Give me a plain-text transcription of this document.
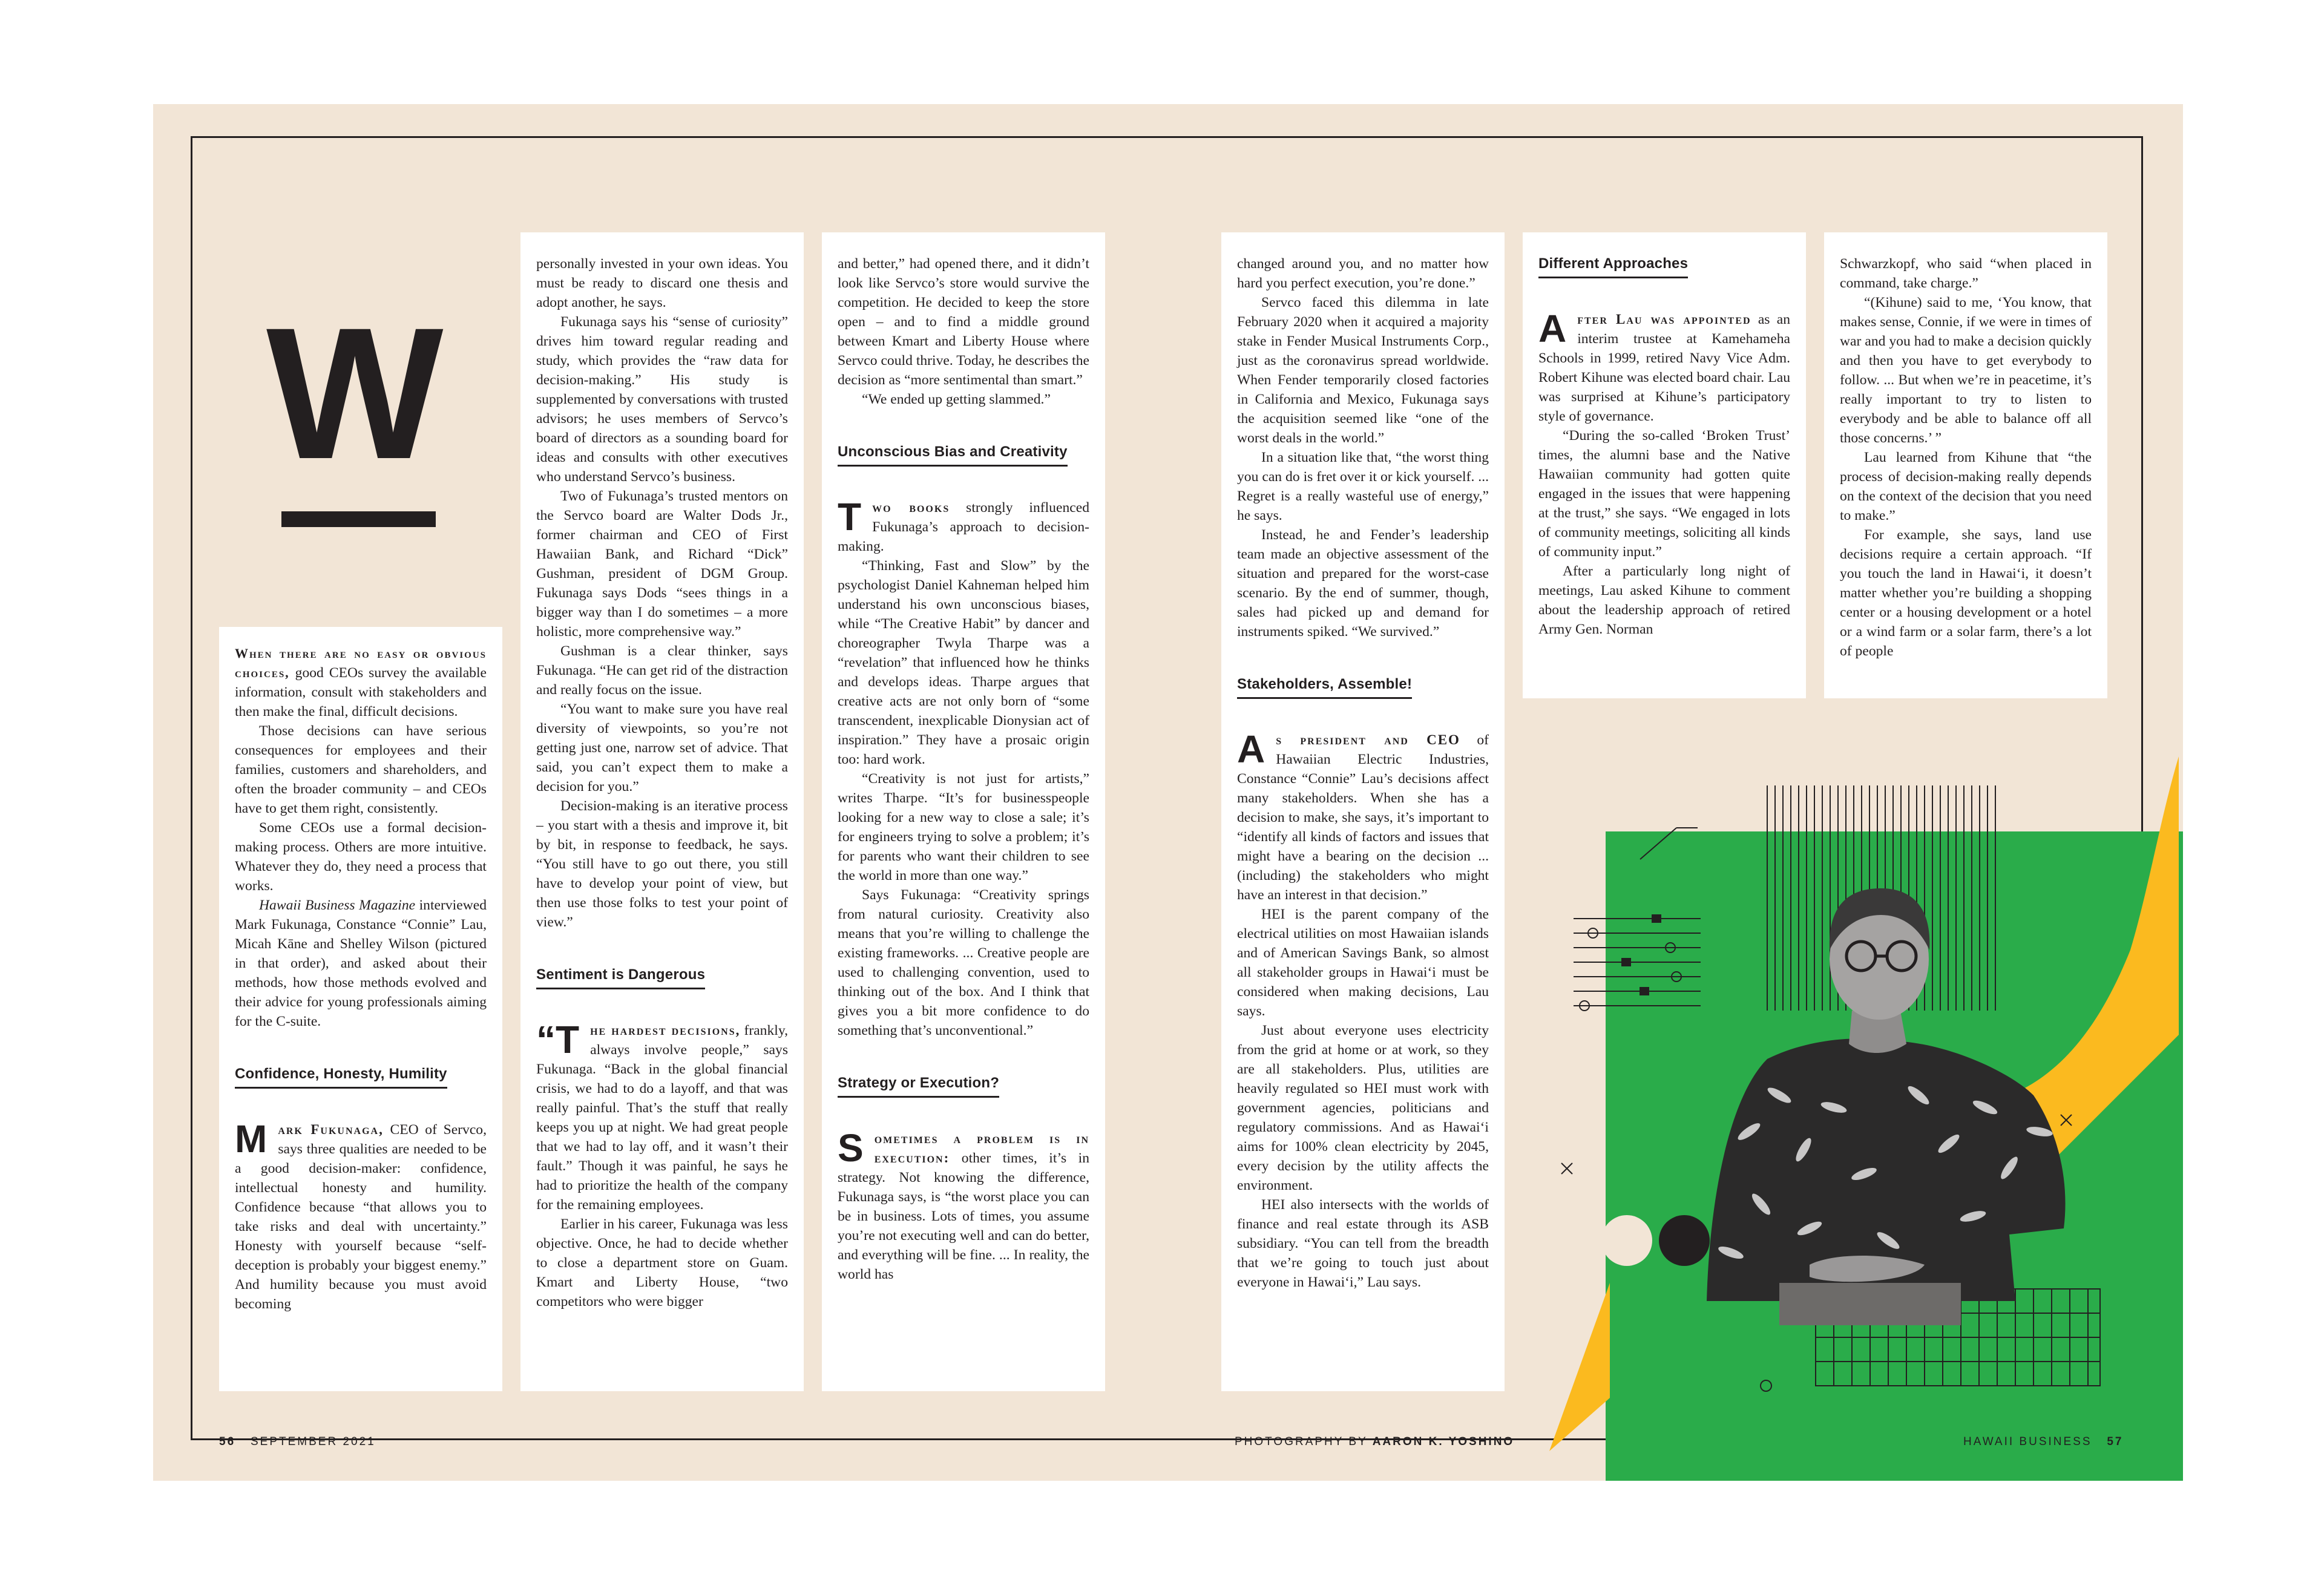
W

When there are no easy or obvious choices, good CEOs survey the available information, consult with stakeholders and then make the final, difficult decisions.

Those decisions can have serious consequences for employees and their families, customers and shareholders, and often the broader community – and CEOs have to get them right, consistently.

Some CEOs use a formal decision-making process. Others are more intuitive. Whatever they do, they need a process that works.

Hawaii Business Magazine interviewed Mark Fukunaga, Constance “Connie” Lau, Micah Kāne and Shelley Wilson (pictured in that order), and asked about their methods, how those methods evolved and their advice for young professionals aiming for the C-suite.

Confidence, Honesty, Humility

Mark Fukunaga, CEO of Servco, says three qualities are needed to be a good decision-maker: confidence, intellectual honesty and humility. Confidence because “that allows you to take risks and deal with uncertainty.” Honesty with yourself because “self-deception is probably your biggest enemy.” And humility because you must avoid becoming

personally invested in your own ideas. You must be ready to discard one thesis and adopt another, he says.

Fukunaga says his “sense of curiosity” drives him toward regular reading and study, which provides the “raw data for decision-making.” His study is supplemented by conversations with trusted advisors; he uses members of Servco’s board of directors as a sounding board for ideas and consults with other executives who understand Servco’s business.

Two of Fukunaga’s trusted mentors on the Servco board are Walter Dods Jr., former chairman and CEO of First Hawaiian Bank, and Richard “Dick” Gushman, president of DGM Group. Fukunaga says Dods “sees things in a bigger way than I do sometimes – a more holistic, more comprehensive way.”

Gushman is a clear thinker, says Fukunaga. “He can get rid of the distraction and really focus on the issue.

“You want to make sure you have real diversity of viewpoints, so you’re not getting just one, narrow set of advice. That said, you can’t expect them to make a decision for you.”

Decision-making is an iterative process – you start with a thesis and improve it, bit by bit, in response to feedback, he says. “You still have to go out there, you still have to develop your point of view, but then use those folks to test your point of view.”

Sentiment is Dangerous

“The hardest decisions, frankly, always involve people,” says Fukunaga. “Back in the global financial crisis, we had to do a layoff, and that was really painful. That’s the stuff that really keeps you up at night. We had great people that we had to lay off, and it wasn’t their fault.” Though it was painful, he says he had to prioritize the health of the company for the remaining employees.

Earlier in his career, Fukunaga was less objective. Once, he had to decide whether to close a department store on Guam. Kmart and Liberty House, “two competitors who were bigger

and better,” had opened there, and it didn’t look like Servco’s store would survive the competition. He decided to keep the store open – and to find a middle ground between Kmart and Liberty House where Servco could thrive. Today, he describes the decision as “more sentimental than smart.”

“We ended up getting slammed.”

Unconscious Bias and Creativity

Two books strongly influenced Fukunaga’s approach to decision-making.

“Thinking, Fast and Slow” by the psychologist Daniel Kahneman helped him understand his own unconscious biases, while “The Creative Habit” by dancer and choreographer Twyla Tharpe was a “revelation” that influenced how he thinks and develops ideas. Tharpe argues that creative acts are not only born of “some transcendent, inexplicable Dionysian act of inspiration.” They have a prosaic origin too: hard work.

“Creativity is not just for artists,” writes Tharpe. “It’s for businesspeople looking for a new way to close a sale; it’s for engineers trying to solve a problem; it’s for parents who want their children to see the world in more than one way.”

Says Fukunaga: “Creativity springs from natural curiosity. Creativity also means that you’re willing to challenge the existing frameworks. ... Creative people are used to challenging convention, used to thinking out of the box. And I think that gives you a bit more confidence to do something that’s unconventional.”

Strategy or Execution?

Sometimes a problem is in execution: other times, it’s in strategy. Not knowing the difference, Fukunaga says, is “the worst place you can be in business. Lots of times, you assume you’re not executing well and can do better, and everything will be fine. ... In reality, the world has

changed around you, and no matter how hard you perfect execution, you’re done.”

Servco faced this dilemma in late February 2020 when it acquired a majority stake in Fender Musical Instruments Corp., just as the coronavirus spread worldwide. When Fender temporarily closed factories in California and Mexico, Fukunaga says the acquisition seemed like “one of the worst deals in the world.”

In a situation like that, “the worst thing you can do is fret over it or kick yourself. ... Regret is a really wasteful use of energy,” he says.

Instead, he and Fender’s leadership team made an objective assessment of the situation and prepared for the worst-case scenario. By the end of summer, though, sales had picked up and demand for instruments spiked. “We survived.”

Stakeholders, Assemble!

As president and CEO of Hawaiian Electric Industries, Constance “Connie” Lau’s decisions affect many stakeholders. When she has a decision to make, she says, it’s important to “identify all kinds of factors and issues that might have a bearing on the decision ... (including) the stakeholders who might have an interest in that decision.”

HEI is the parent company of the electrical utilities on most Hawaiian islands and of American Savings Bank, so almost all stakeholder groups in Hawaiʻi must be considered when making decisions, Lau says.

Just about everyone uses electricity from the grid at home or at work, so they are all stakeholders. Plus, utilities are heavily regulated so HEI must work with government agencies, politicians and regulatory commissions. And as Hawaiʻi aims for 100% clean electricity by 2045, every decision by the utility affects the environment.

HEI also intersects with the worlds of finance and real estate through its ASB subsidiary. “You can tell from the breadth that we’re going to touch just about everyone in Hawaiʻi,” Lau says.

Different Approaches

After Lau was appointed as an interim trustee at Kamehameha Schools in 1999, retired Navy Vice Adm. Robert Kihune was elected board chair. Lau was surprised at Kihune’s participatory style of governance.

“During the so-called ‘Broken Trust’ times, the alumni base and the Native Hawaiian community had gotten quite engaged in the issues that were happening at the trust,” she says. “We engaged in lots of community meetings, soliciting all kinds of community input.”

After a particularly long night of meetings, Lau asked Kihune to comment about the leadership approach of retired Army Gen. Norman

Schwarzkopf, who said “when placed in command, take charge.”

“(Kihune) said to me, ‘You know, that makes sense, Connie, if we were in times of war and you had to make a decision quickly and then you have to get everybody to follow. ... But when we’re in peacetime, it’s really important to try to listen to everybody and be able to balance off all those concerns.’ ”

Lau learned from Kihune that “the process of decision-making really depends on the context of the decision that you need to make.”

For example, she says, land use decisions require a certain approach. “If you touch the land in Hawaiʻi, it doesn’t matter whether you’re building a shopping center or a housing development or a hotel or a wind farm or a solar farm, there’s a lot of people

56 SEPTEMBER 2021	PHOTOGRAPHY BY AARON K. YOSHINO	HAWAII BUSINESS 57
